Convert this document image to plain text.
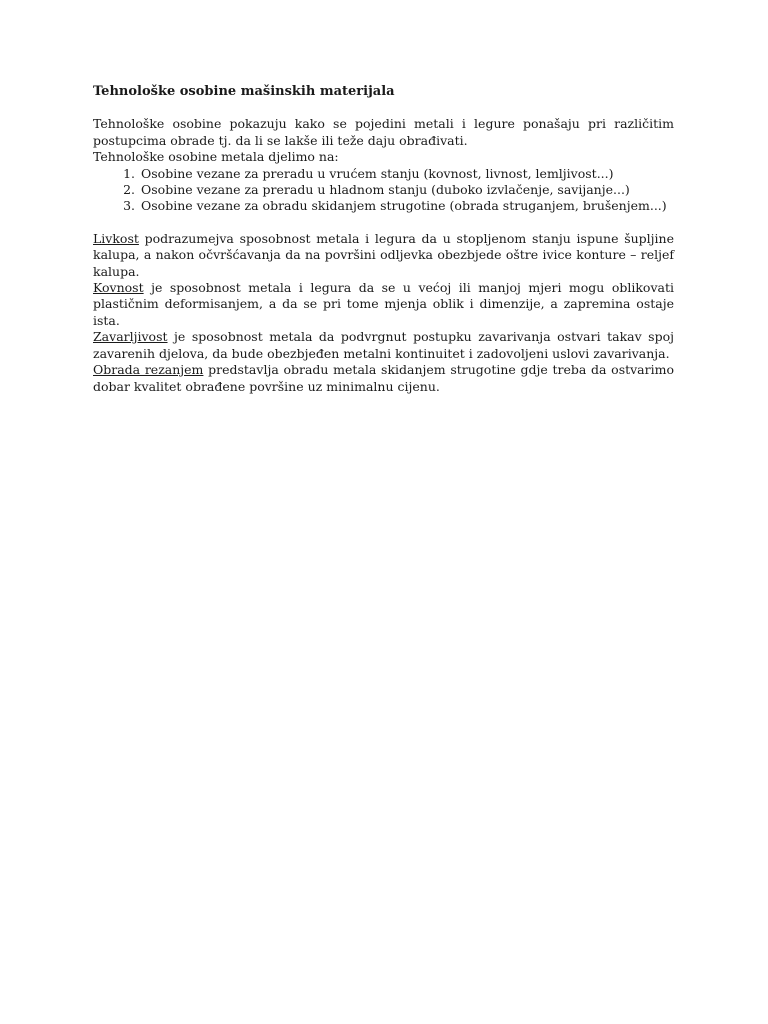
Tehnološke osobine mašinskih materijala

Tehnološke osobine pokazuju kako se pojedini metali i legure ponašaju pri različitim postupcima obrade tj. da li se lakše ili teže daju obrađivati.

Tehnološke osobine metala djelimo na:

1. Osobine vezane za preradu u vrućem stanju (kovnost, livnost, lemljivost...)
2. Osobine vezane za preradu u hladnom stanju (duboko izvlačenje, savijanje...)
3. Osobine vezane za obradu skidanjem strugotine (obrada struganjem, brušenjem...)

Livkost podrazumejva sposobnost metala i legura da u stopljenom stanju ispune šupljine kalupa, a nakon očvršćavanja da na površini odljevka obezbjede oštre ivice konture – reljef kalupa.

Kovnost je sposobnost metala i legura da se u većoj ili manjoj mjeri mogu oblikovati plastičnim deformisanjem, a da se pri tome mjenja oblik i dimenzije, a zapremina ostaje ista.

Zavarljivost je sposobnost metala da podvrgnut postupku zavarivanja ostvari takav spoj zavarenih djelova, da bude obezbjeđen metalni kontinuitet i zadovoljeni uslovi zavarivanja.

Obrada rezanjem predstavlja obradu metala skidanjem strugotine gdje treba da ostvarimo dobar kvalitet obrađene površine uz minimalnu cijenu.
